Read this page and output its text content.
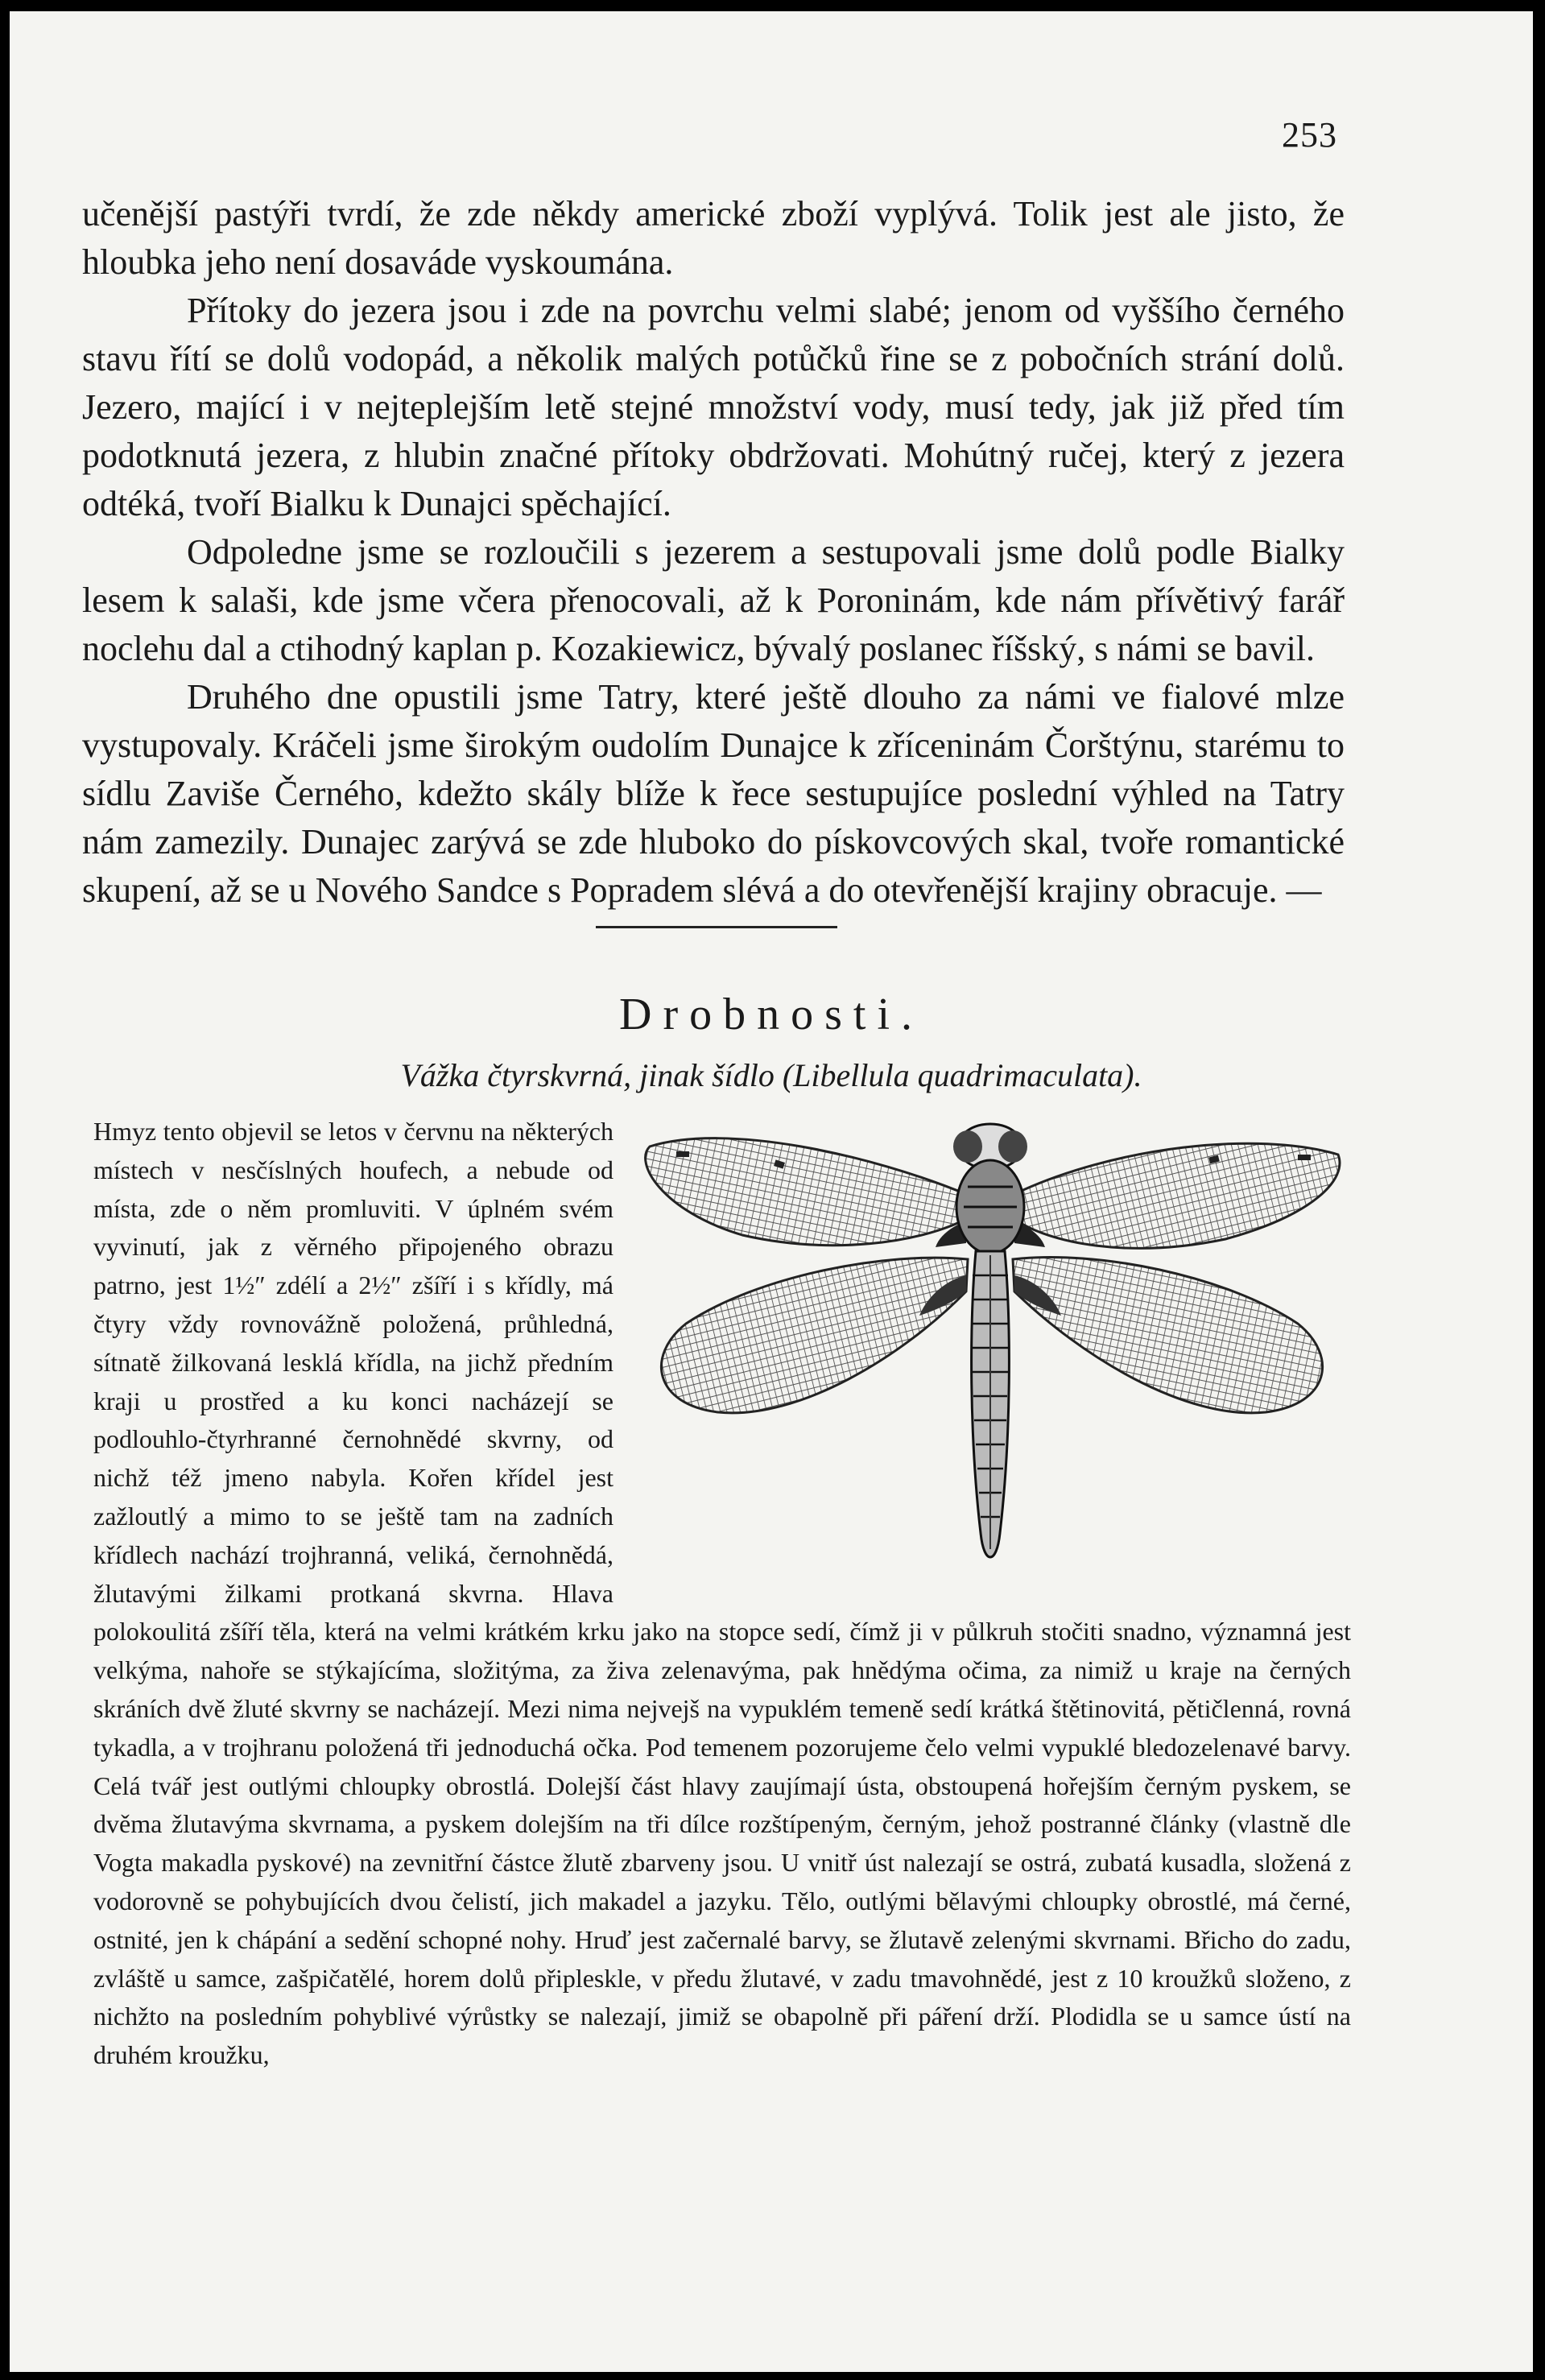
253

učenější pastýři tvrdí, že zde někdy americké zboží vyplývá. Tolik jest ale jisto, že hloubka jeho není dosaváde vyskoumána.

Přítoky do jezera jsou i zde na povrchu velmi slabé; jenom od vyššího černého stavu řítí se dolů vodopád, a několik malých potůčků řine se z pobočních strání dolů. Jezero, mající i v nejteplejším letě stejné množství vody, musí tedy, jak již před tím podotknutá jezera, z hlubin značné přítoky obdržovati. Mohútný ručej, který z jezera odtéká, tvoří Bialku k Dunajci spěchající.

Odpoledne jsme se rozloučili s jezerem a sestupovali jsme dolů podle Bialky lesem k salaši, kde jsme včera přenocovali, až k Poroninám, kde nám přívětivý farář noclehu dal a ctihodný kaplan p. Kozakiewicz, bývalý poslanec říšský, s námi se bavil.

Druhého dne opustili jsme Tatry, které ještě dlouho za námi ve fialové mlze vystupovaly. Kráčeli jsme širokým oudolím Dunajce k zříceninám Čorštýnu, starému to sídlu Zaviše Černého, kdežto skály blíže k řece sestupujíce poslední výhled na Tatry nám zamezily. Dunajec zarývá se zde hluboko do pískovcových skal, tvoře romantické skupení, až se u Nového Sandce s Popradem slévá a do otevřenější krajiny obracuje. —

Drobnosti.
Vážka čtyrskvrná, jinak šídlo (Libellula quadrimaculata).

Hmyz tento objevil se letos v červnu na některých místech v nesčíslných houfech, a nebude od místa, zde o něm promluviti. V úplném svém vyvinutí, jak z věrného připojeného obrazu patrno, jest 1½″ zdélí a 2½″ zšíří i s křídly, má čtyry vždy rovnovážně položená, průhledná, sítnatě žilkovaná lesklá křídla, na jichž předním kraji u prostřed a ku konci nacházejí se podlouhlo-čtyrhranné černohnědé skvrny, od nichž též jmeno nabyla. Kořen křídel jest zažloutlý a mimo to se ještě tam na zadních křídlech nachází trojhranná, veliká, černohnědá, žlutavými žilkami protkaná skvrna. Hlava polokoulitá zšíří těla, která na velmi krátkém krku jako na stopce sedí, čímž ji v půlkruh stočiti snadno, významná jest velkýma, nahoře se stýkajícíma, složitýma, za živa zelenavýma, pak hnědýma očima, za nimiž u kraje na černých skráních dvě žluté skvrny se nacházejí. Mezi nima nejvejš na vypuklém temeně sedí krátká štětinovitá, pětičlenná, rovná tykadla, a v trojhranu položená tři jednoduchá očka. Pod temenem pozorujeme čelo velmi vypuklé bledozelenavé barvy. Celá tvář jest outlými chloupky obrostlá. Dolejší část hlavy zaujímají ústa, obstoupená hořejším černým pyskem, se dvěma žlutavýma skvrnama, a pyskem dolejším na tři dílce rozštípeným, černým, jehož postranné články (vlastně dle Vogta makadla pyskové) na zevnitřní částce žlutě zbarveny jsou. U vnitř úst nalezají se ostrá, zubatá kusadla, složená z vodorovně se pohybujících dvou čelistí, jich makadel a jazyku. Tělo, outlými bělavými chloupky obrostlé, má černé, ostnité, jen k chápání a sedění schopné nohy. Hruď jest začernalé barvy, se žlutavě zelenými skvrnami. Břicho do zadu, zvláště u samce, zašpičatělé, horem dolů připleskle, v předu žlutavé, v zadu tmavohnědé, jest z 10 kroužků složeno, z nichžto na posledním pohyblivé výrůstky se nalezají, jimiž se obapolně při páření drží. Plodidla se u samce ústí na druhém kroužku,
